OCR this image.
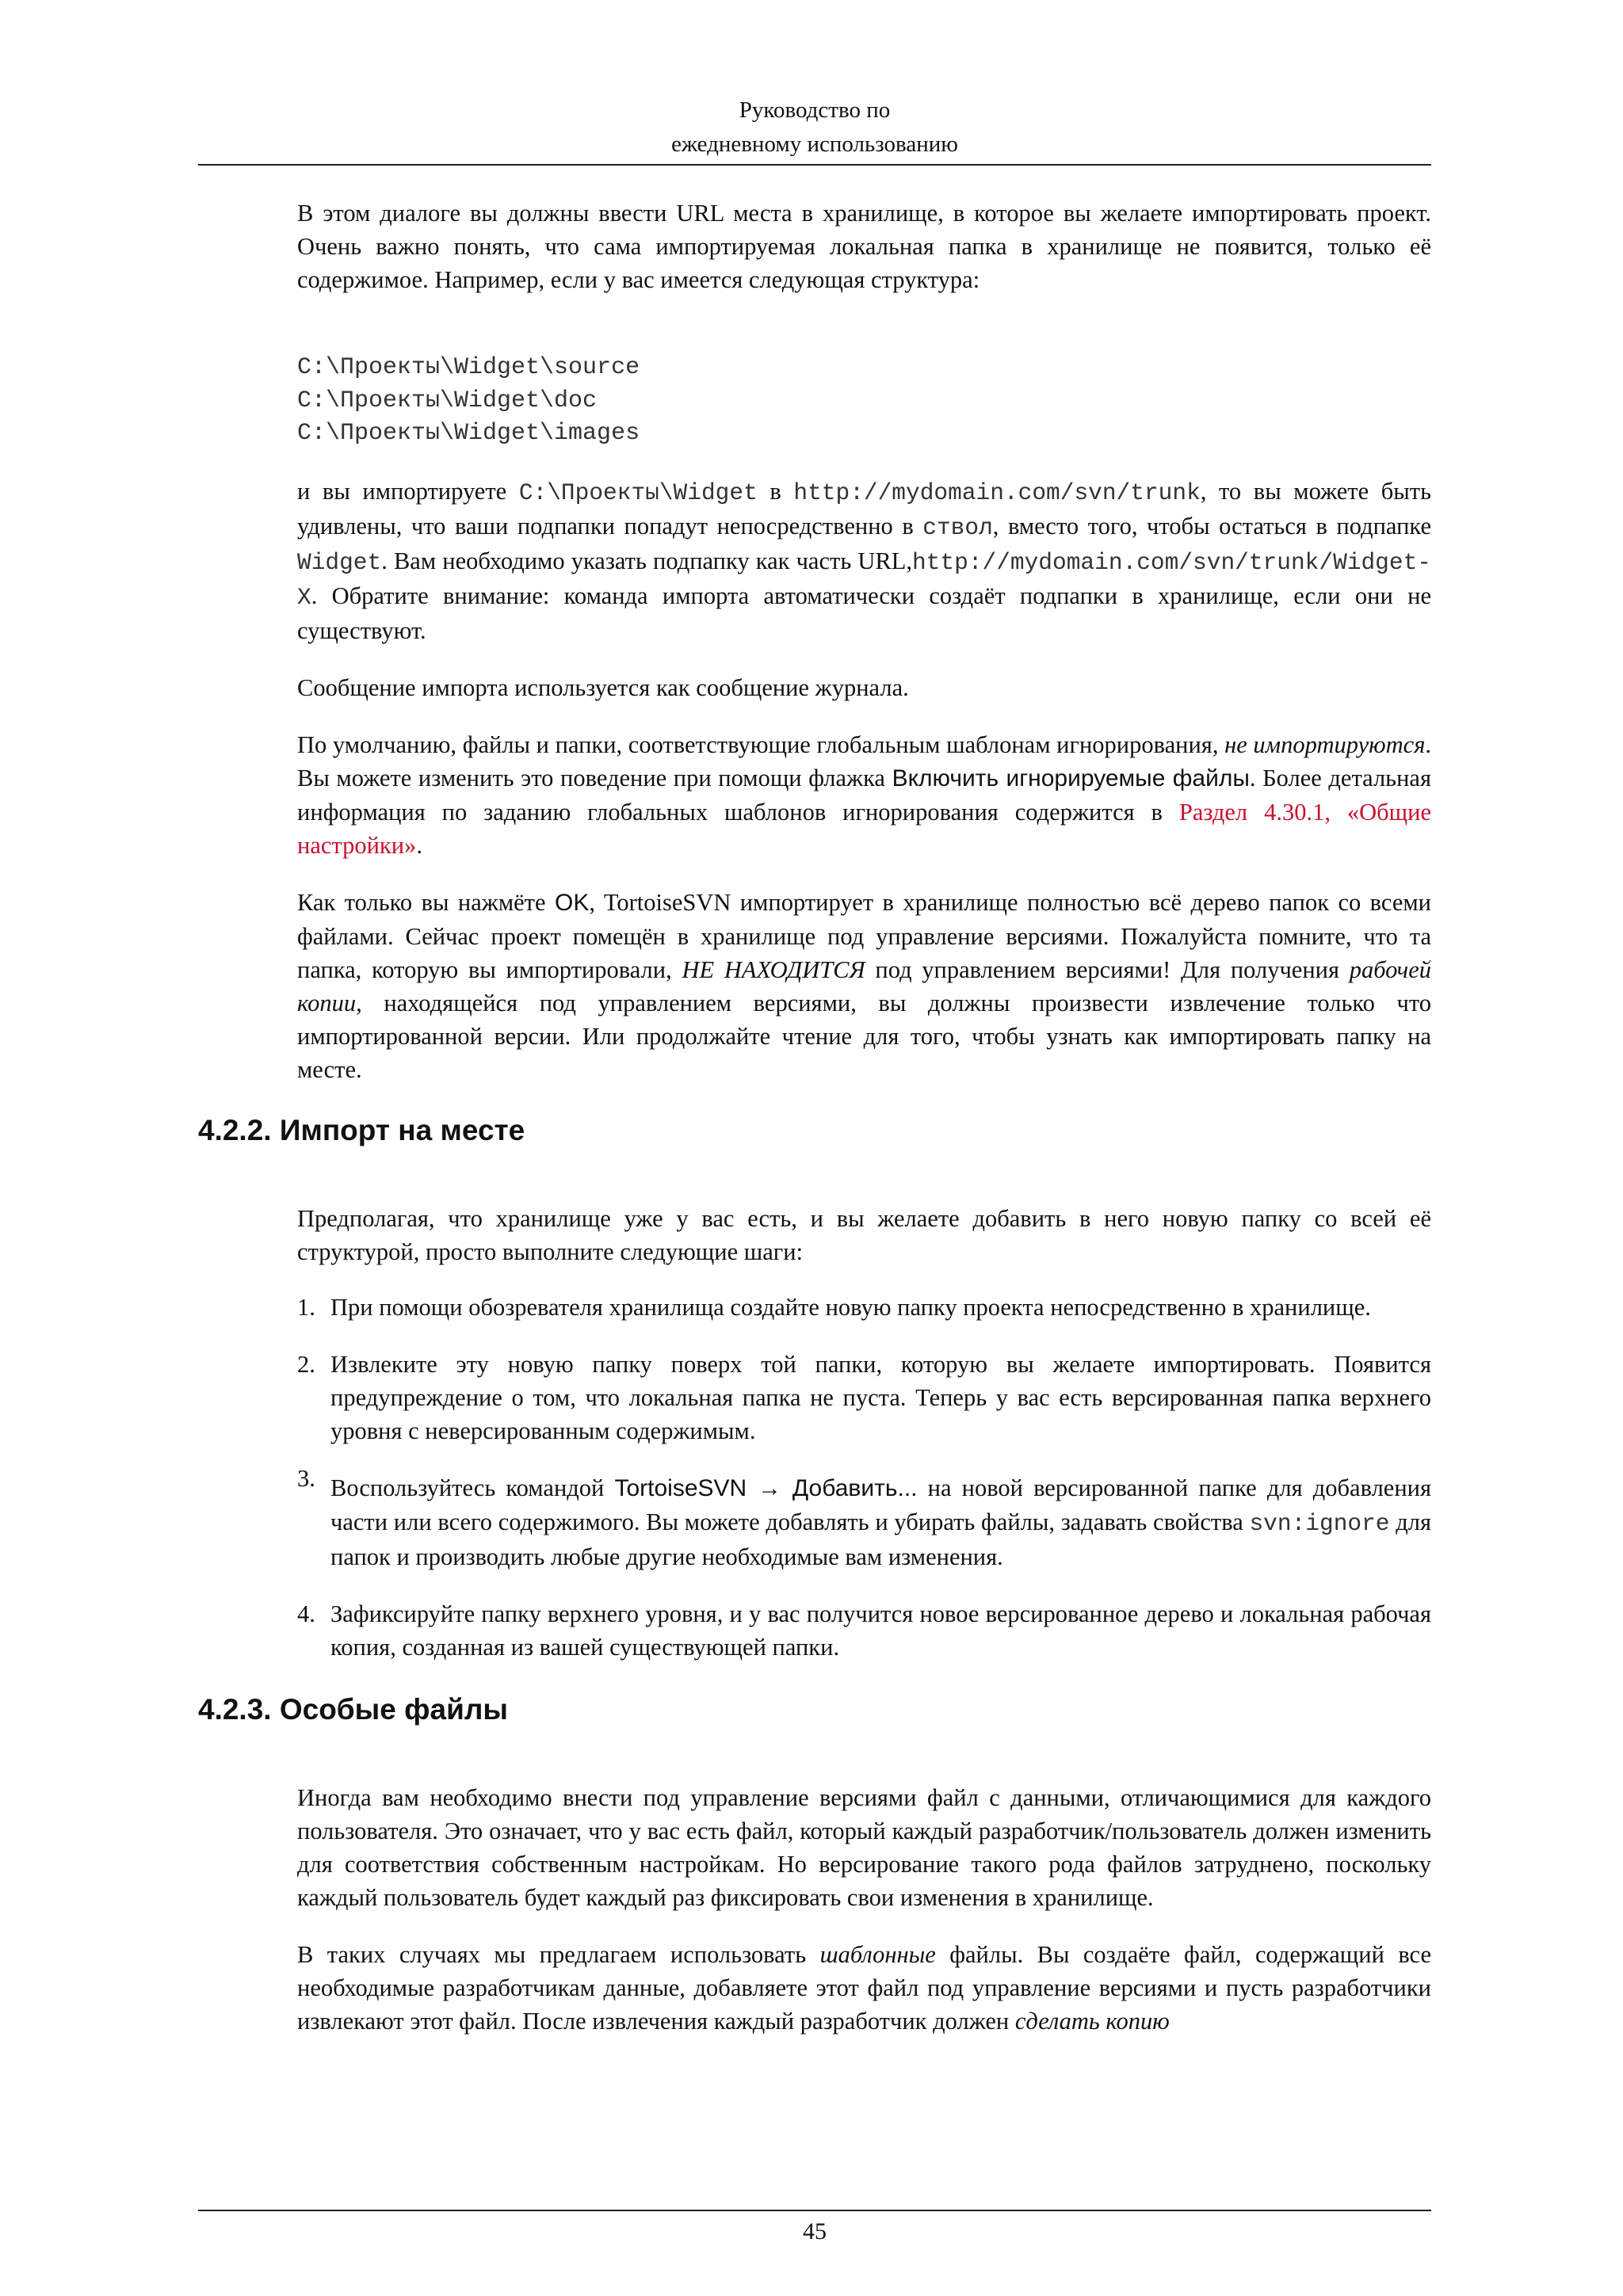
Руководство по
ежедневному использованию

В этом диалоге вы должны ввести URL места в хранилище, в которое вы желаете импортировать проект. Очень важно понять, что сама импортируемая локальная папка в хранилище не появится, только её содержимое. Например, если у вас имеется следующая структура:

C:\Проекты\Widget\source
C:\Проекты\Widget\doc
C:\Проекты\Widget\images

и вы импортируете C:\Проекты\Widget в http://mydomain.com/svn/trunk, то вы можете быть удивлены, что ваши подпапки попадут непосредственно в ствол, вместо того, чтобы остаться в подпапке Widget. Вам необходимо указать подпапку как часть URL,http://mydomain.com/svn/trunk/Widget-X. Обратите внимание: команда импорта автоматически создаёт подпапки в хранилище, если они не существуют.

Сообщение импорта используется как сообщение журнала.

По умолчанию, файлы и папки, соответствующие глобальным шаблонам игнорирования, не импортируются. Вы можете изменить это поведение при помощи флажка Включить игнорируемые файлы. Более детальная информация по заданию глобальных шаблонов игнорирования содержится в Раздел 4.30.1, «Общие настройки».

Как только вы нажмёте OK, TortoiseSVN импортирует в хранилище полностью всё дерево папок со всеми файлами. Сейчас проект помещён в хранилище под управление версиями. Пожалуйста помните, что та папка, которую вы импортировали, НЕ НАХОДИТСЯ под управлением версиями! Для получения рабочей копии, находящейся под управлением версиями, вы должны произвести извлечение только что импортированной версии. Или продолжайте чтение для того, чтобы узнать как импортировать папку на месте.

4.2.2. Импорт на месте

Предполагая, что хранилище уже у вас есть, и вы желаете добавить в него новую папку со всей её структурой, просто выполните следующие шаги:

1. При помощи обозревателя хранилища создайте новую папку проекта непосредственно в хранилище.
2. Извлеките эту новую папку поверх той папки, которую вы желаете импортировать. Появится предупреждение о том, что локальная папка не пуста. Теперь у вас есть версированная папка верхнего уровня с неверсированным содержимым.
3. Воспользуйтесь командой TortoiseSVN → Добавить... на новой версированной папке для добавления части или всего содержимого. Вы можете добавлять и убирать файлы, задавать свойства svn:ignore для папок и производить любые другие необходимые вам изменения.
4. Зафиксируйте папку верхнего уровня, и у вас получится новое версированное дерево и локальная рабочая копия, созданная из вашей существующей папки.
4.2.3. Особые файлы

Иногда вам необходимо внести под управление версиями файл с данными, отличающимися для каждого пользователя. Это означает, что у вас есть файл, который каждый разработчик/пользователь должен изменить для соответствия собственным настройкам. Но версирование такого рода файлов затруднено, поскольку каждый пользователь будет каждый раз фиксировать свои изменения в хранилище.

В таких случаях мы предлагаем использовать шаблонные файлы. Вы создаёте файл, содержащий все необходимые разработчикам данные, добавляете этот файл под управление версиями и пусть разработчики извлекают этот файл. После извлечения каждый разработчик должен сделать копию

45
